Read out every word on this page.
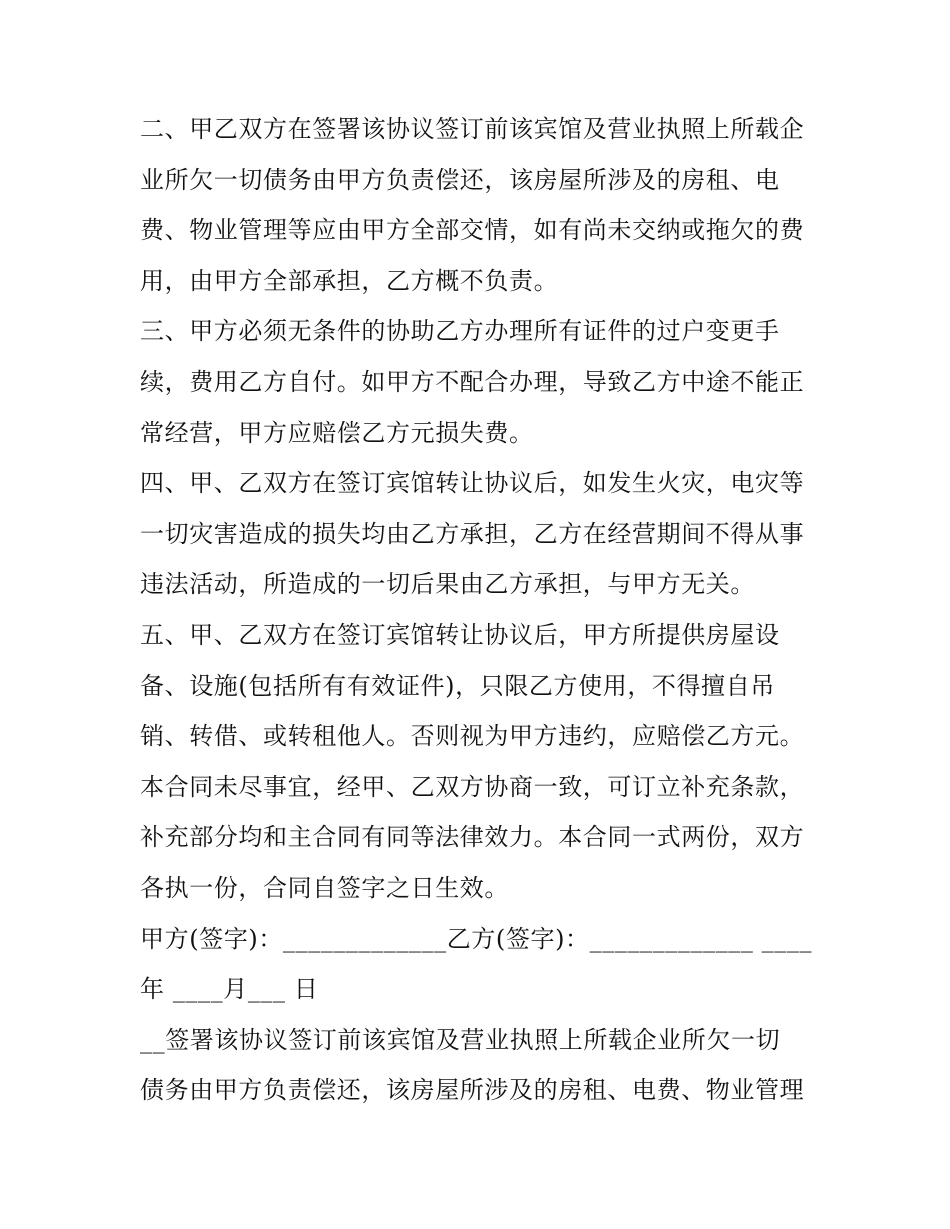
二、甲乙双方在签署该协议签订前该宾馆及营业执照上所载企
业所欠一切债务由甲方负责偿还，该房屋所涉及的房租、电
费、物业管理等应由甲方全部交情，如有尚未交纳或拖欠的费
用，由甲方全部承担，乙方概不负责。
三、甲方必须无条件的协助乙方办理所有证件的过户变更手
续，费用乙方自付。如甲方不配合办理，导致乙方中途不能正
常经营，甲方应赔偿乙方元损失费。
四、甲、乙双方在签订宾馆转让协议后，如发生火灾，电灾等
一切灾害造成的损失均由乙方承担，乙方在经营期间不得从事
违法活动，所造成的一切后果由乙方承担，与甲方无关。
五、甲、乙双方在签订宾馆转让协议后，甲方所提供房屋设
备、设施(包括所有有效证件)，只限乙方使用，不得擅自吊
销、转借、或转租他人。否则视为甲方违约，应赔偿乙方元。
本合同未尽事宜，经甲、乙双方协商一致，可订立补充条款，
补充部分均和主合同有同等法律效力。本合同一式两份，双方
各执一份，合同自签字之日生效。
甲方(签字)：_____________乙方(签字)：_____________ ____
年 ____月___ 日
__签署该协议签订前该宾馆及营业执照上所载企业所欠一切
债务由甲方负责偿还，该房屋所涉及的房租、电费、物业管理
